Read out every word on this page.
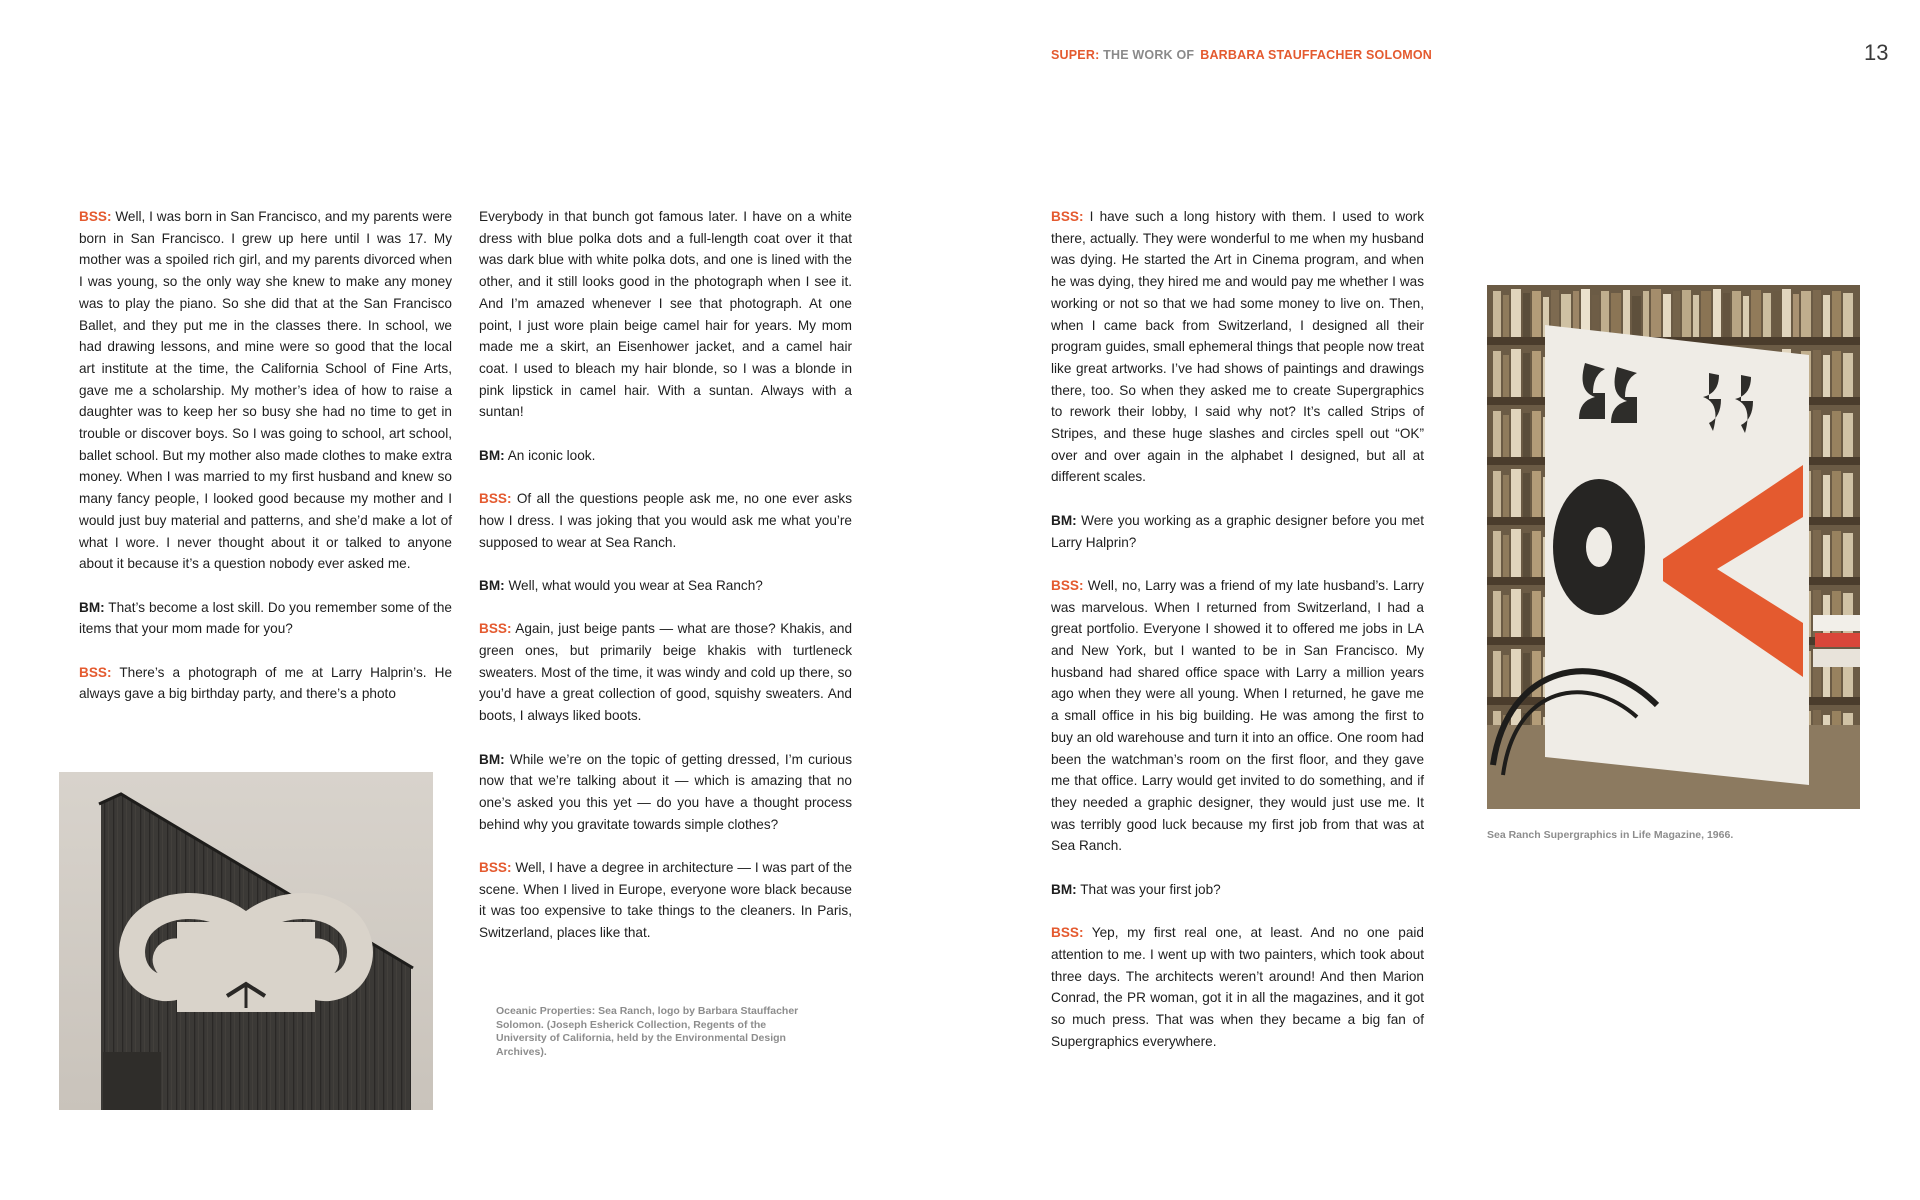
SUPER: THE WORK OF BARBARA STAUFFACHER SOLOMON	13

BSS: Well, I was born in San Francisco, and my parents were born in San Francisco. I grew up here until I was 17. My mother was a spoiled rich girl, and my parents divorced when I was young, so the only way she knew to make any money was to play the piano. So she did that at the San Francisco Ballet, and they put me in the classes there. In school, we had drawing lessons, and mine were so good that the local art institute at the time, the California School of Fine Arts, gave me a scholarship. My mother’s idea of how to raise a daughter was to keep her so busy she had no time to get in trouble or discover boys. So I was going to school, art school, ballet school. But my mother also made clothes to make extra money. When I was married to my first husband and knew so many fancy people, I looked good because my mother and I would just buy material and patterns, and she’d make a lot of what I wore. I never thought about it or talked to anyone about it because it’s a question nobody ever asked me.

BM: That’s become a lost skill. Do you remember some of the items that your mom made for you?

BSS: There’s a photograph of me at Larry Halprin’s. He always gave a big birthday party, and there’s a photo

Everybody in that bunch got famous later. I have on a white dress with blue polka dots and a full-length coat over it that was dark blue with white polka dots, and one is lined with the other, and it still looks good in the photograph when I see it. And I’m amazed whenever I see that photograph. At one point, I just wore plain beige camel hair for years. My mom made me a skirt, an Eisenhower jacket, and a camel hair coat. I used to bleach my hair blonde, so I was a blonde in pink lipstick in camel hair. With a suntan. Always with a suntan!

BM: An iconic look.

BSS: Of all the questions people ask me, no one ever asks how I dress. I was joking that you would ask me what you’re supposed to wear at Sea Ranch.

BM: Well, what would you wear at Sea Ranch?

BSS: Again, just beige pants — what are those? Khakis, and green ones, but primarily beige khakis with turtleneck sweaters. Most of the time, it was windy and cold up there, so you’d have a great collection of good, squishy sweaters. And boots, I always liked boots.

BM: While we’re on the topic of getting dressed, I’m curious now that we’re talking about it — which is amazing that no one’s asked you this yet — do you have a thought process behind why you gravitate towards simple clothes?

BSS: Well, I have a degree in architecture — I was part of the scene. When I lived in Europe, everyone wore black because it was too expensive to take things to the cleaners. In Paris, Switzerland, places like that.

BSS: I have such a long history with them. I used to work there, actually. They were wonderful to me when my husband was dying. He started the Art in Cinema program, and when he was dying, they hired me and would pay me whether I was working or not so that we had some money to live on. Then, when I came back from Switzerland, I designed all their program guides, small ephemeral things that people now treat like great artworks. I’ve had shows of paintings and drawings there, too. So when they asked me to create Supergraphics to rework their lobby, I said why not? It’s called Strips of Stripes, and these huge slashes and circles spell out “OK” over and over again in the alphabet I designed, but all at different scales.

BM: Were you working as a graphic designer before you met Larry Halprin?

BSS: Well, no, Larry was a friend of my late husband’s. Larry was marvelous. When I returned from Switzerland, I had a great portfolio. Everyone I showed it to offered me jobs in LA and New York, but I wanted to be in San Francisco. My husband had shared office space with Larry a million years ago when they were all young. When I returned, he gave me a small office in his big building. He was among the first to buy an old warehouse and turn it into an office. One room had been the watchman’s room on the first floor, and they gave me that office. Larry would get invited to do something, and if they needed a graphic designer, they would just use me. It was terribly good luck because my first job from that was at Sea Ranch.

BM: That was your first job?

BSS: Yep, my first real one, at least. And no one paid attention to me. I went up with two painters, which took about three days. The architects weren’t around! And then Marion Conrad, the PR woman, got it in all the magazines, and it got so much press. That was when they became a big fan of Supergraphics everywhere.

Oceanic Properties: Sea Ranch, logo by Barbara Stauffacher Solomon. (Joseph Esherick Collection, Regents of the University of California, held by the Environmental Design Archives).
Sea Ranch Supergraphics in Life Magazine, 1966.
